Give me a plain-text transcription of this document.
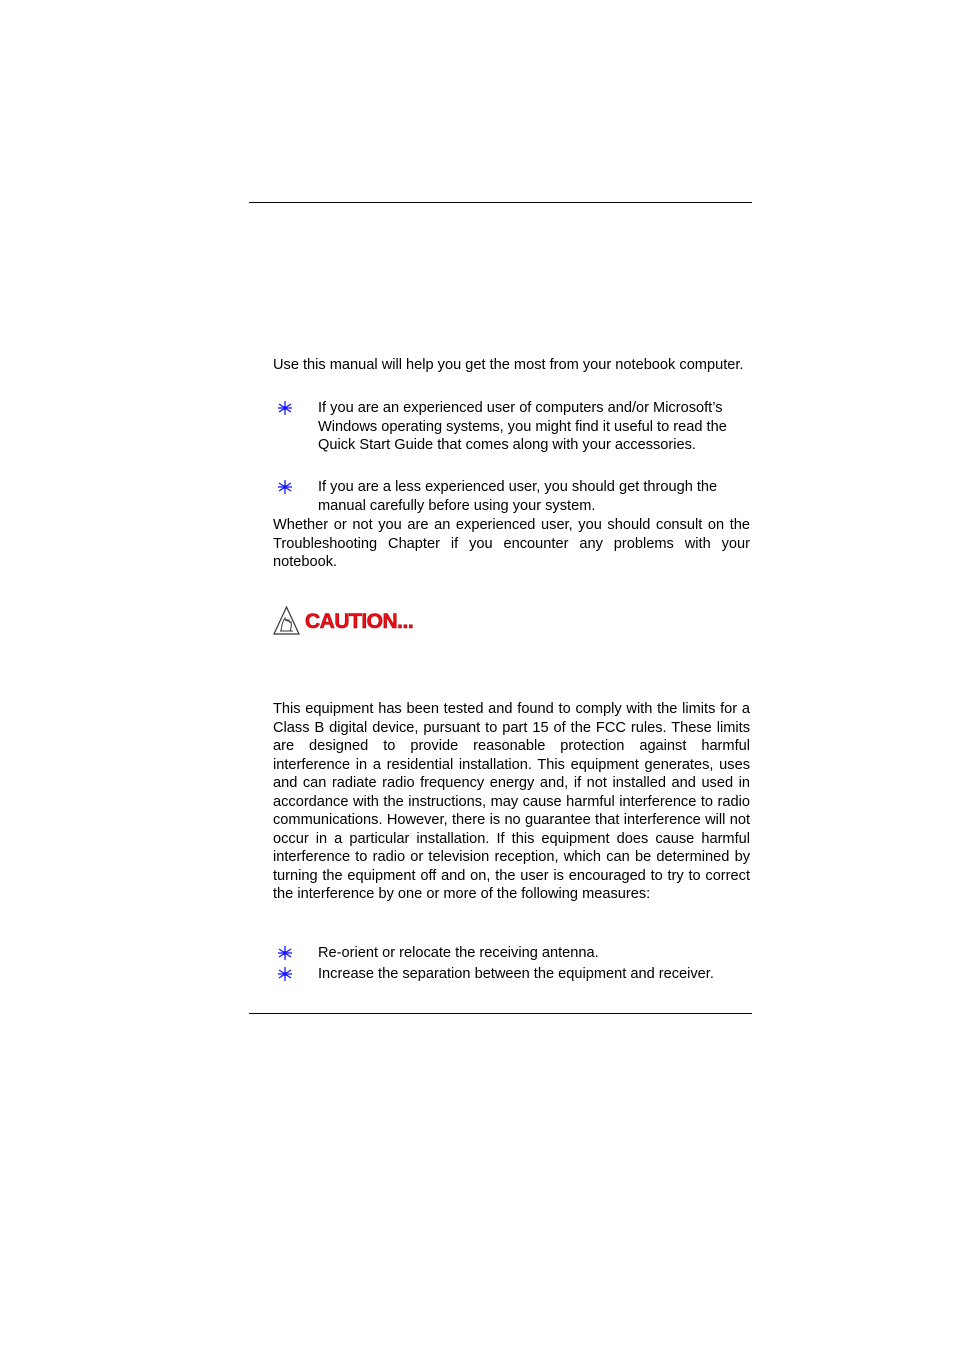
Use this manual will help you get the most from your notebook computer.

If you are an experienced user of computers and/or Microsoft’s Windows operating systems, you might find it useful to read the Quick Start Guide that comes along with your accessories.
If you are a less experienced user, you should get through the manual carefully before using your system.

Whether or not you are an experienced user, you should consult on the Troubleshooting Chapter if you encounter any problems with your notebook.

CAUTION...

This equipment has been tested and found to comply with the limits for a Class B digital device, pursuant to part 15 of the FCC rules. These limits are designed to provide reasonable protection against harmful interference in a residential installation. This equipment generates, uses and can radiate radio frequency energy and, if not installed and used in accordance with the instructions, may cause harmful interference to radio communications. However, there is no guarantee that interference will not occur in a particular installation. If this equipment does cause harmful interference to radio or television reception, which can be determined by turning the equipment off and on, the user is encouraged to try to correct the interference by one or more of the following measures:

Re-orient or relocate the receiving antenna.
Increase the separation between the equipment and receiver.
